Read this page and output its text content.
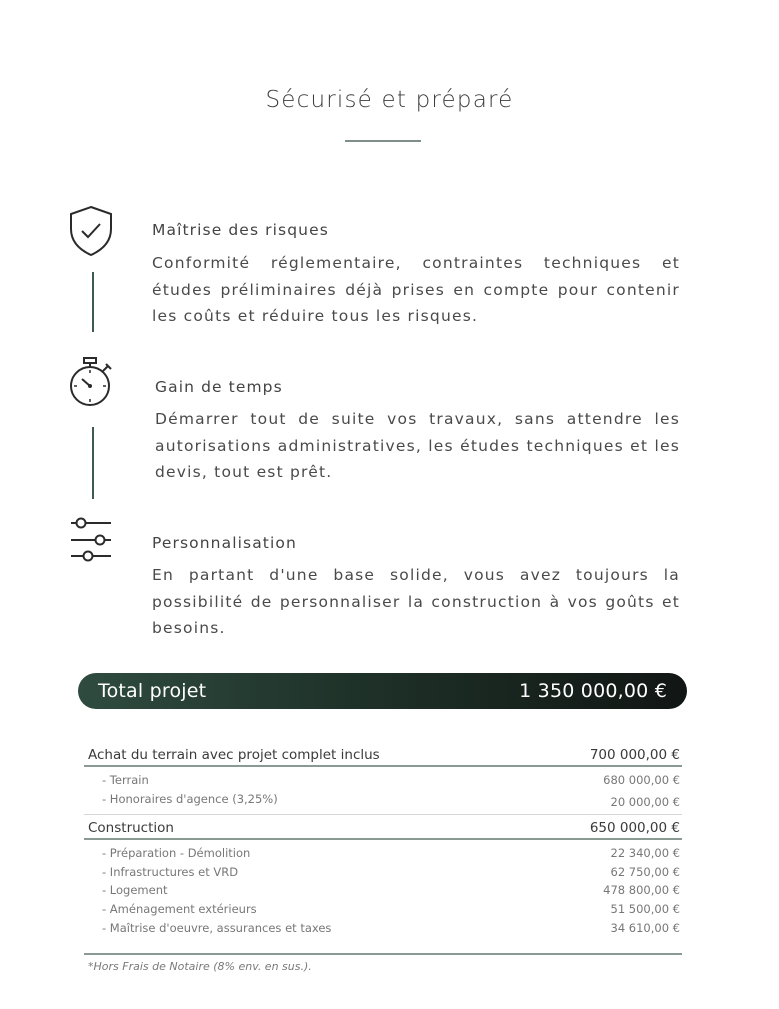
Sécurisé et préparé
Maîtrise des risques
Conformité réglementaire, contraintes techniques et études préliminaires déjà prises en compte pour contenir les coûts et réduire tous les risques.
Gain de temps
Démarrer tout de suite vos travaux, sans attendre les autorisations administratives, les études techniques et les devis, tout est prêt.
Personnalisation
En partant d'une base solide, vous avez toujours la possibilité de personnaliser la construction à vos goûts et besoins.
Total projet	1 350 000,00 €
Achat du terrain avec projet complet inclus	700 000,00 €
- Terrain	680 000,00 €
- Honoraires d'agence (3,25%)	20 000,00 €
Construction	650 000,00 €
- Préparation - Démolition	22 340,00 €
- Infrastructures et VRD	62 750,00 €
- Logement	478 800,00 €
- Aménagement extérieurs	51 500,00 €
- Maîtrise d'oeuvre, assurances et taxes	34 610,00 €
*Hors Frais de Notaire (8% env. en sus.).
